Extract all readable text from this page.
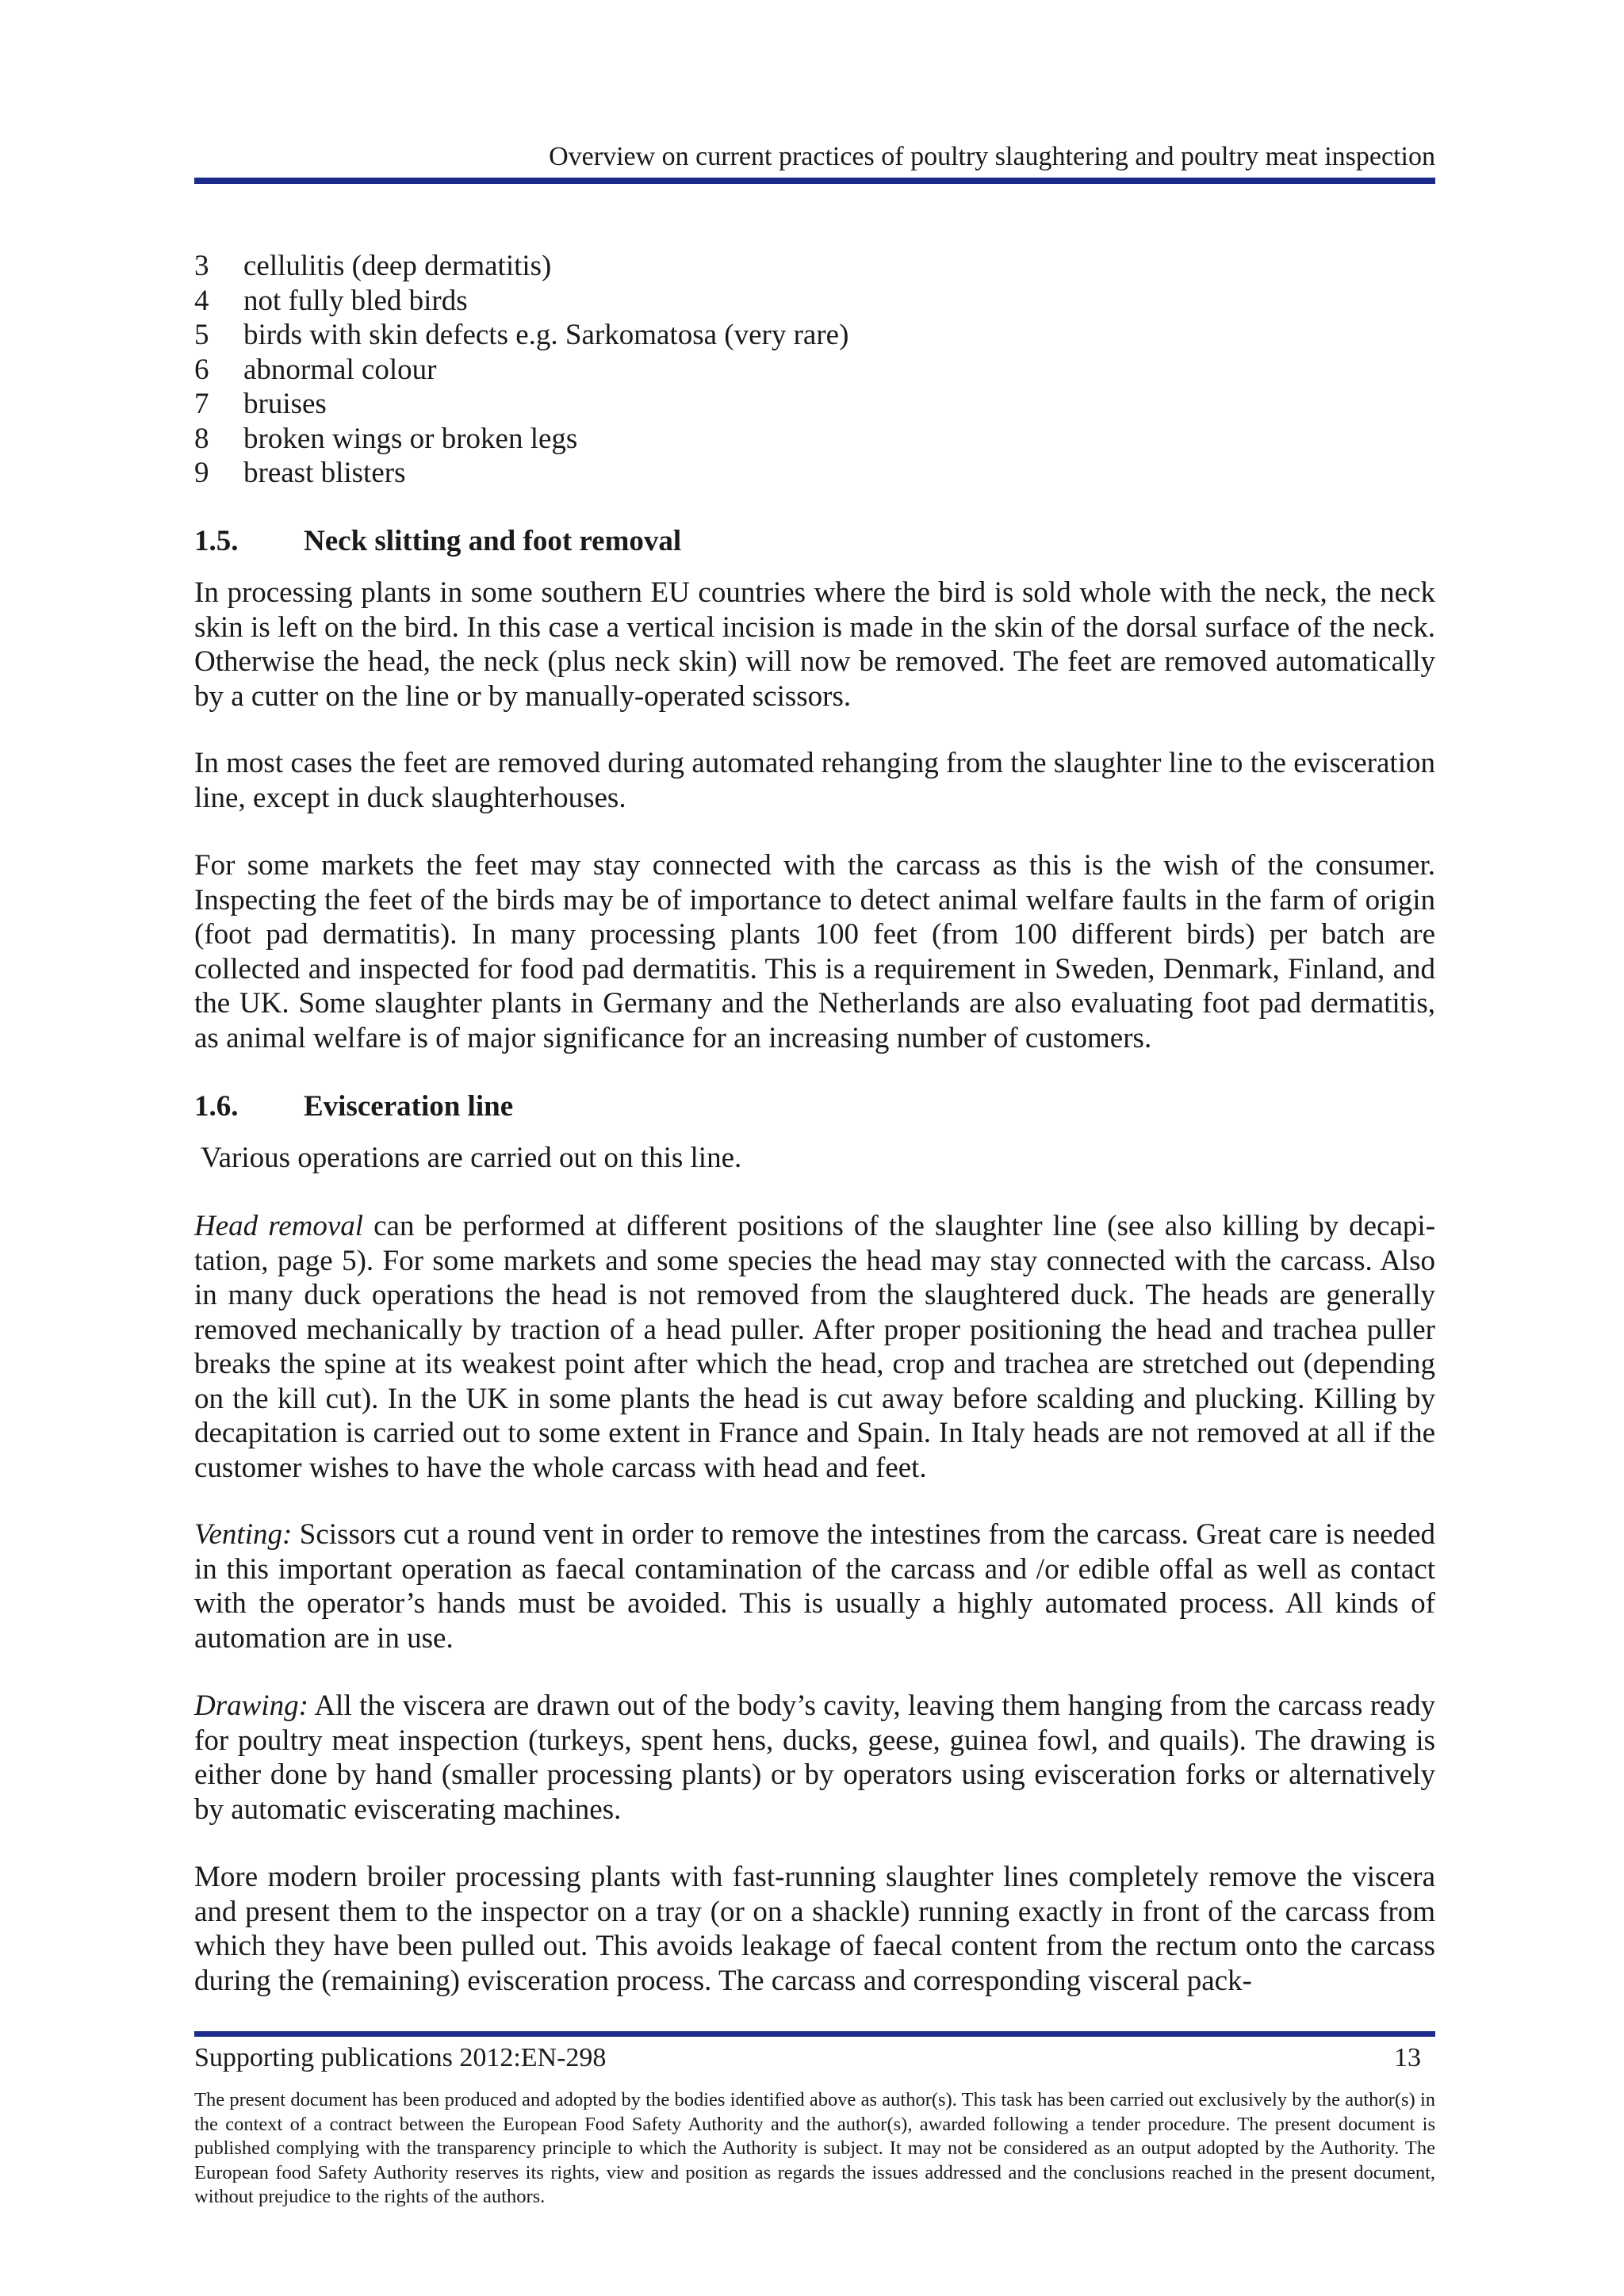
Overview on current practices of poultry slaughtering and poultry meat inspection
3 cellulitis (deep dermatitis)
4 not fully bled birds
5 birds with skin defects e.g. Sarkomatosa (very rare)
6 abnormal colour
7 bruises
8 broken wings or broken legs
9 breast blisters
1.5. Neck slitting and foot removal

In processing plants in some southern EU countries where the bird is sold whole with the neck, the neck skin is left on the bird. In this case a vertical incision is made in the skin of the dorsal surface of the neck. Otherwise the head, the neck (plus neck skin) will now be removed. The feet are removed automatically by a cutter on the line or by manually-operated scissors.

In most cases the feet are removed during automated rehanging from the slaughter line to the evisceration line, except in duck slaughterhouses.

For some markets the feet may stay connected with the carcass as this is the wish of the consumer. Inspecting the feet of the birds may be of importance to detect animal welfare faults in the farm of origin (foot pad dermatitis). In many processing plants 100 feet (from 100 different birds) per batch are collected and inspected for food pad dermatitis. This is a requirement in Sweden, Denmark, Finland, and the UK. Some slaughter plants in Germany and the Netherlands are also evaluating foot pad dermatitis, as animal welfare is of major significance for an increasing number of customers.

1.6. Evisceration line

Various operations are carried out on this line.

Head removal can be performed at different positions of the slaughter line (see also killing by decapitation, page 5). For some markets and some species the head may stay connected with the carcass. Also in many duck operations the head is not removed from the slaughtered duck. The heads are generally removed mechanically by traction of a head puller. After proper positioning the head and trachea puller breaks the spine at its weakest point after which the head, crop and trachea are stretched out (depending on the kill cut). In the UK in some plants the head is cut away before scalding and plucking. Killing by decapitation is carried out to some extent in France and Spain. In Italy heads are not removed at all if the customer wishes to have the whole carcass with head and feet.

Venting: Scissors cut a round vent in order to remove the intestines from the carcass. Great care is needed in this important operation as faecal contamination of the carcass and /or edible offal as well as contact with the operator’s hands must be avoided. This is usually a highly automated process. All kinds of automation are in use.

Drawing: All the viscera are drawn out of the body’s cavity, leaving them hanging from the carcass ready for poultry meat inspection (turkeys, spent hens, ducks, geese, guinea fowl, and quails). The drawing is either done by hand (smaller processing plants) or by operators using evisceration forks or alternatively by automatic eviscerating machines.

More modern broiler processing plants with fast-running slaughter lines completely remove the viscera and present them to the inspector on a tray (or on a shackle) running exactly in front of the carcass from which they have been pulled out. This avoids leakage of faecal content from the rectum onto the carcass during the (remaining) evisceration process. The carcass and corresponding visceral pack-

Supporting publications 2012:EN-298	13

The present document has been produced and adopted by the bodies identified above as author(s). This task has been carried out exclusively by the author(s) in the context of a contract between the European Food Safety Authority and the author(s), awarded following a tender procedure. The present document is published complying with the transparency principle to which the Authority is subject. It may not be considered as an output adopted by the Authority. The European food Safety Authority reserves its rights, view and position as regards the issues addressed and the conclusions reached in the present document, without prejudice to the rights of the authors.
